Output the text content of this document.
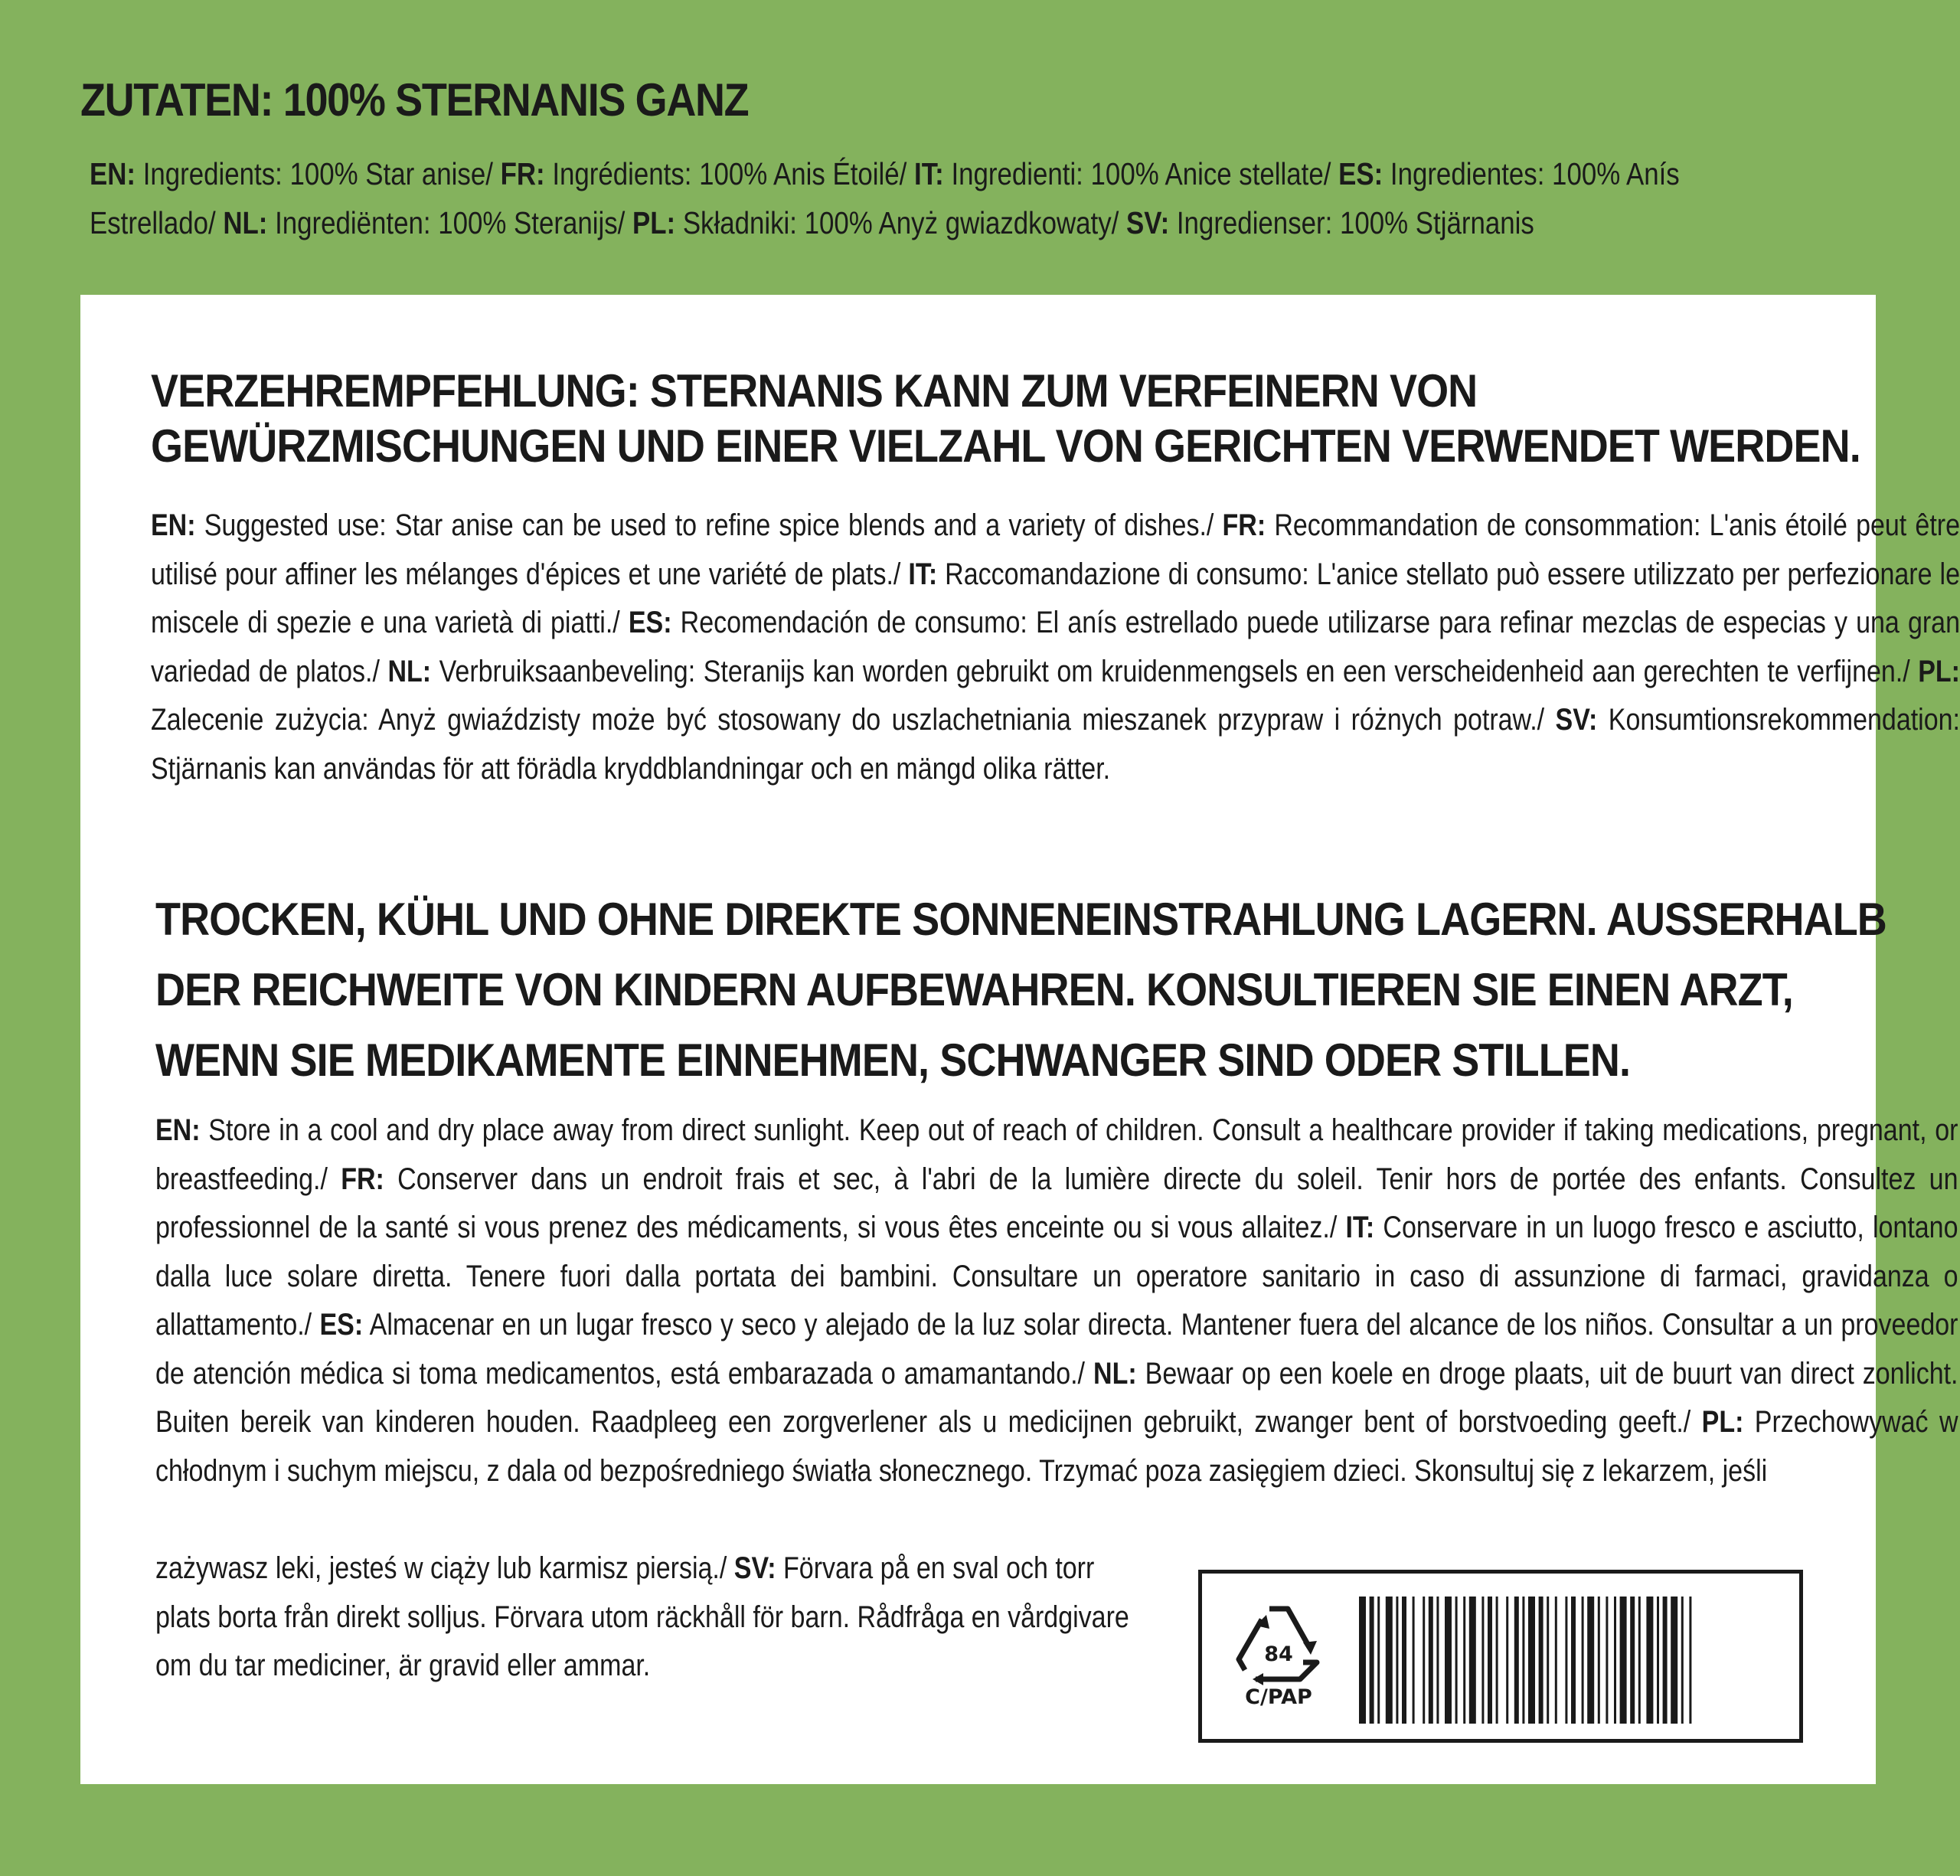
ZUTATEN: 100% STERNANIS GANZ

EN: Ingredients: 100% Star anise/ FR: Ingrédients: 100% Anis Étoilé/ IT: Ingredienti: 100% Anice stellate/ ES: Ingredientes: 100% Anís Estrellado/ NL: Ingrediënten: 100% Steranijs/ PL: Składniki: 100% Anyż gwiazdkowaty/ SV: Ingredienser: 100% Stjärnanis

VERZEHREMPFEHLUNG: STERNANIS KANN ZUM VERFEINERN VON GEWÜRZMISCHUNGEN UND EINER VIELZAHL VON GERICHTEN VERWENDET WERDEN.

EN: Suggested use: Star anise can be used to refine spice blends and a variety of dishes./ FR: Recommandation de consommation: L'anis étoilé peut être utilisé pour affiner les mélanges d'épices et une variété de plats./ IT: Raccomandazione di consumo: L'anice stellato può essere utilizzato per perfezionare le miscele di spezie e una varietà di piatti./ ES: Recomendación de consumo: El anís estrellado puede utilizarse para refinar mezclas de especias y una gran variedad de platos./ NL: Verbruiksaanbeveling: Steranijs kan worden gebruikt om kruidenmengsels en een verscheidenheid aan gerechten te verfijnen./ PL: Zalecenie zużycia: Anyż gwiaździsty może być stosowany do uszlachetniania mieszanek przypraw i różnych potraw./ SV: Konsumtionsrekommendation: Stjärnanis kan användas för att förädla kryddblandningar och en mängd olika rätter.

TROCKEN, KÜHL UND OHNE DIREKTE SONNENEINSTRAHLUNG LAGERN. AUSSERHALB DER REICHWEITE VON KINDERN AUFBEWAHREN. KONSULTIEREN SIE EINEN ARZT, WENN SIE MEDIKAMENTE EINNEHMEN, SCHWANGER SIND ODER STILLEN.

EN: Store in a cool and dry place away from direct sunlight. Keep out of reach of children. Consult a healthcare provider if taking medications, pregnant, or breastfeeding./ FR: Conserver dans un endroit frais et sec, à l'abri de la lumière directe du soleil. Tenir hors de portée des enfants. Consultez un professionnel de la santé si vous prenez des médicaments, si vous êtes enceinte ou si vous allaitez./ IT: Conservare in un luogo fresco e asciutto, lontano dalla luce solare diretta. Tenere fuori dalla portata dei bambini. Consultare un operatore sanitario in caso di assunzione di farmaci, gravidanza o allattamento./ ES: Almacenar en un lugar fresco y seco y alejado de la luz solar directa. Mantener fuera del alcance de los niños. Consultar a un proveedor de atención médica si toma medicamentos, está embarazada o amamantando./ NL: Bewaar op een koele en droge plaats, uit de buurt van direct zonlicht. Buiten bereik van kinderen houden. Raadpleeg een zorgverlener als u medicijnen gebruikt, zwanger bent of borstvoeding geeft./ PL: Przechowywać w chłodnym i suchym miejscu, z dala od bezpośredniego światła słonecznego. Trzymać poza zasięgiem dzieci. Skonsultuj się z lekarzem, jeśli

zażywasz leki, jesteś w ciąży lub karmisz piersią./ SV: Förvara på en sval och torr plats borta från direkt solljus. Förvara utom räckhåll för barn. Rådfråga en vårdgivare om du tar mediciner, är gravid eller ammar.	84
C/PAP
